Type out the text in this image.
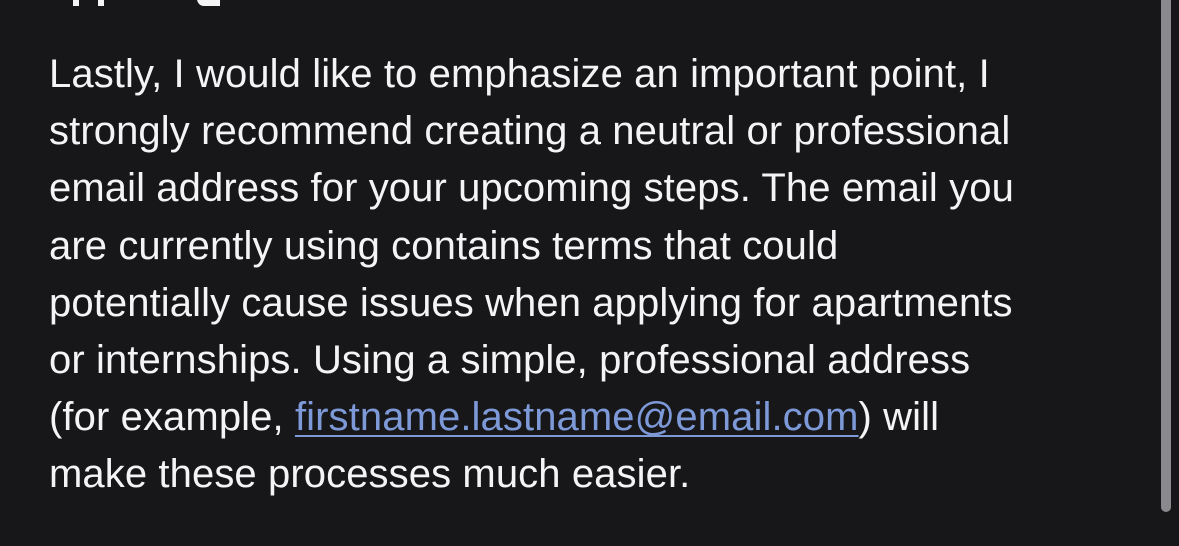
Lastly, I would like to emphasize an important point, I
strongly recommend creating a neutral or professional
email address for your upcoming steps. The email you
are currently using contains terms that could
potentially cause issues when applying for apartments
or internships. Using a simple, professional address
(for example, firstname.lastname@email.com) will
make these processes much easier.
